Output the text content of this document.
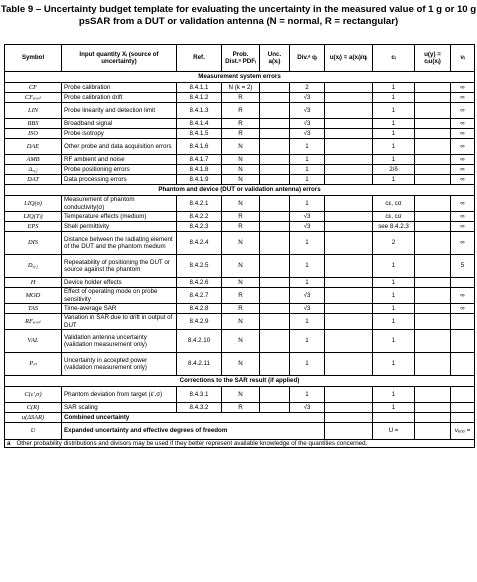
Table 9 – Uncertainty budget template for evaluating the uncertainty in the measured value of 1 g or 10 g psSAR from a DUT or validation antenna (N = normal, R = rectangular)
Symbol	Input quantity Xᵢ (source of uncertainty)	Ref.	Prob. Dist.ᵃ PDFᵢ	Unc. a(xᵢ)	Div.ᵃ qᵢ	u(xᵢ) = a(xᵢ)/qᵢ	cᵢ	u(y) = cᵢu(xᵢ)	νᵢ
Measurement system errors									
CF	Probe calibration	8.4.1.1	N (k = 2)		2		1		∞
CFₑᵣᵢₒₜ	Probe calibration drift	8.4.1.2	R		√3		1		∞
LIN	Probe linearity and detection limit	8.4.1.3	R		√3		1		∞
BBS	Broadband signal	8.4.1.4	R		√3		1		∞
ISO	Probe isotropy	8.4.1.5	R		√3		1		∞
DAE	Other probe and data acquisition errors	8.4.1.6	N		1		1		∞
AMB	RF ambient and noise	8.4.1.7	N		1		1		∞
Δₓᵧ₂	Probe positioning errors	8.4.1.8	N		1		2/δ		∞
DAT	Data processing errors	8.4.1.9	N		1		1		∞
Phantom and device (DUT or validation antenna) errors									
LIQ(σ)	Measurement of phantom conductivity(σ)	8.4.2.1	N		1		cε, cσ		∞
LIQ(Tₗ)	Temperature effects (medium)	8.4.2.2	R		√3		cε, cσ		∞
EPS	Shell permittivity	8.4.2.3	R		√3		see 8.4.2.3		∞
DIS	Distance between the radiating element of the DUT and the phantom medium	8.4.2.4	N		1		2		∞
Dₓᵧ₂	Repeatability of positioning the DUT or source against the phantom	8.4.2.5	N		1		1		5
H	Device holder effects	8.4.2.6	N		1		1		
MOD	Effect of operating mode on probe sensitivity	8.4.2.7	R		√3		1		∞
TAS	Time-average SAR	8.4.2.8	R		√3		1		∞
RFₑᵣᵢₒₜ	Variation in SAR due to drift in output of DUT	8.4.2.9	N		1		1		
VAL	Validation antenna uncertainty (validation measurement only)	8.4.2.10	N		1		1		
Pᵢₙ	Uncertainty in accepted power (validation measurement only)	8.4.2.11	N		1		1		
Corrections to the SAR result (if applied)									
C(ε′,σ)	Phantom deviation from target (ε′,σ)	8.4.3.1	N		1		1		
C(R)	SAR scaling	8.4.3.2	R		√3		1		
u(ΔSAR)	Combined uncertainty								
U	Expanded uncertainty and effective degrees of freedom						U =		νₑₒₒ =
a Other probability distributions and divisors may be used if they better represent available knowledge of the quantities concerned.									
